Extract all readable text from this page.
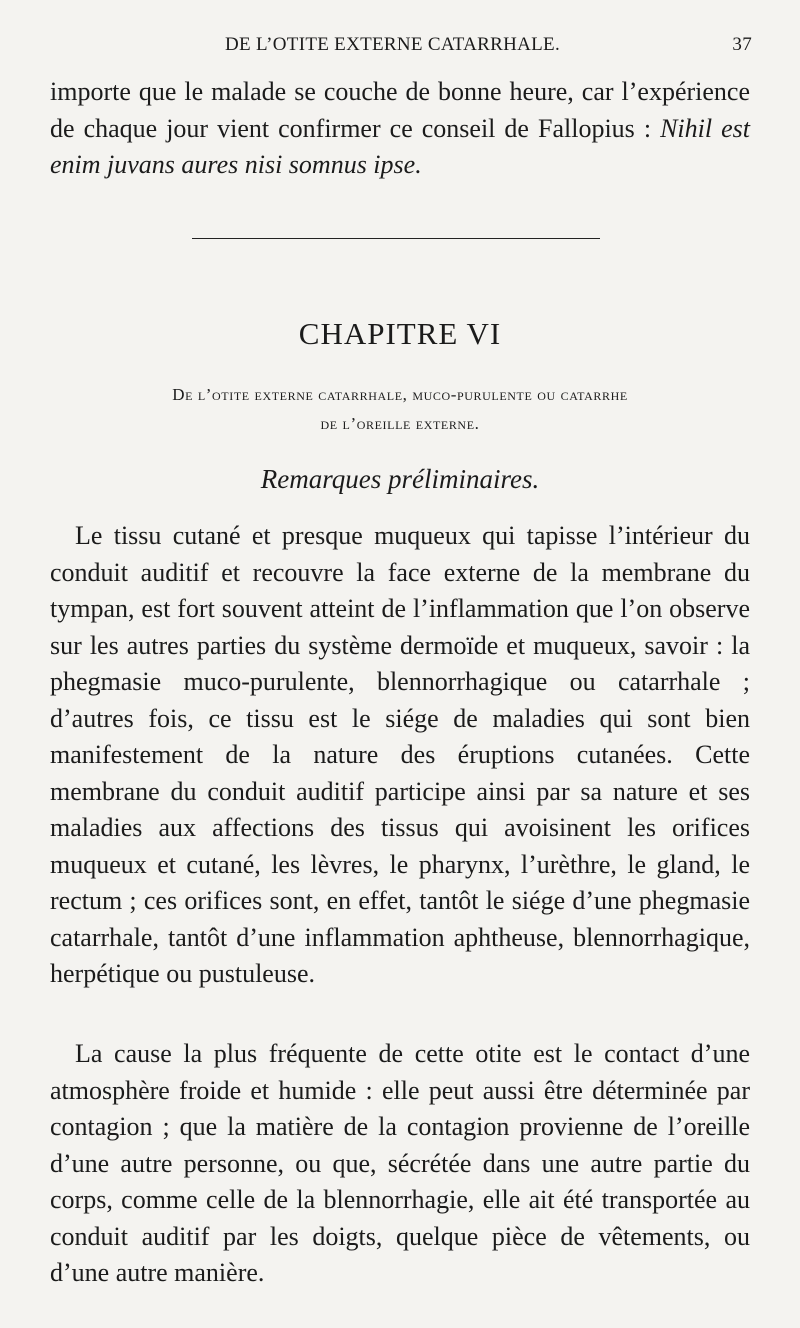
DE L’OTITE EXTERNE CATARRHALE.	37

importe que le malade se couche de bonne heure, car l’expérience de chaque jour vient confirmer ce conseil de Fallopius : Nihil est enim juvans aures nisi somnus ipse.

CHAPITRE VI
De l’otite externe catarrhale, muco-purulente ou catarrhe
de l’oreille externe.
Remarques préliminaires.

Le tissu cutané et presque muqueux qui tapisse l’intérieur du conduit auditif et recouvre la face externe de la membrane du tympan, est fort souvent atteint de l’inflammation que l’on observe sur les autres parties du système dermoïde et muqueux, savoir : la phegmasie muco-purulente, blennorrhagique ou catarrhale ; d’autres fois, ce tissu est le siége de maladies qui sont bien manifestement de la nature des éruptions cutanées. Cette membrane du conduit auditif participe ainsi par sa nature et ses maladies aux affections des tissus qui avoisinent les orifices muqueux et cutané, les lèvres, le pharynx, l’urèthre, le gland, le rectum ; ces orifices sont, en effet, tantôt le siége d’une phegmasie catarrhale, tantôt d’une inflammation aphtheuse, blennorrhagique, herpétique ou pustuleuse.

La cause la plus fréquente de cette otite est le contact d’une atmosphère froide et humide : elle peut aussi être déterminée par contagion ; que la matière de la contagion provienne de l’oreille d’une autre personne, ou que, sécrétée dans une autre partie du corps, comme celle de la blennorrhagie, elle ait été transportée au conduit auditif par les doigts, quelque pièce de vêtements, ou d’une autre manière.
